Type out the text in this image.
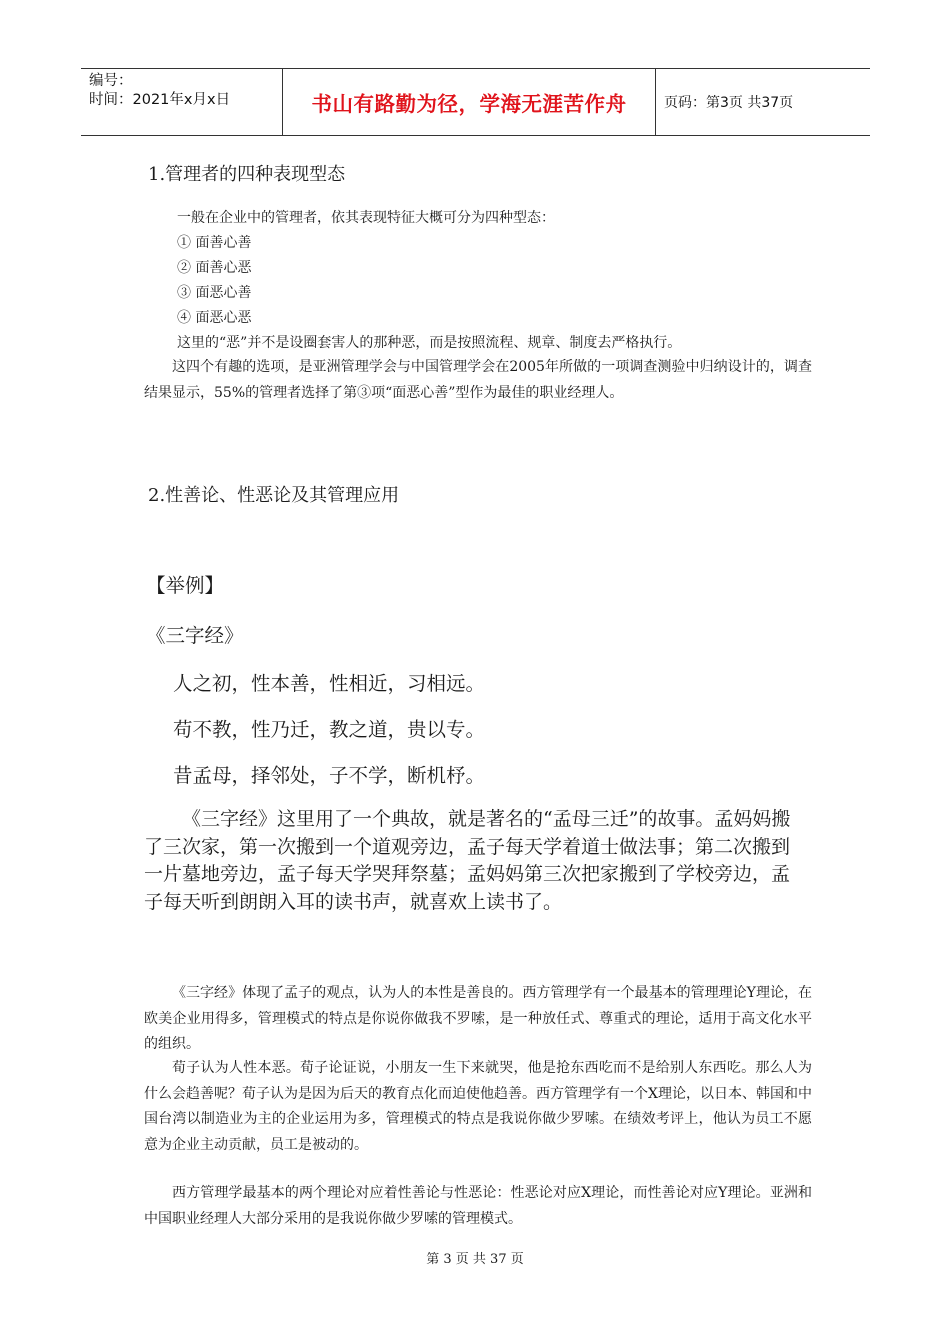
编号：
时间：2021年x月x日	书山有路勤为径，学海无涯苦作舟	页码：第3页 共37页

1.管理者的四种表现型态

一般在企业中的管理者，依其表现特征大概可分为四种型态：

① 面善心善

② 面善心恶

③ 面恶心善

④ 面恶心恶

这里的“恶”并不是设圈套害人的那种恶，而是按照流程、规章、制度去严格执行。

这四个有趣的选项，是亚洲管理学会与中国管理学会在2005年所做的一项调查测验中归纳设计的，调查结果显示，55%的管理者选择了第③项“面恶心善”型作为最佳的职业经理人。

2.性善论、性恶论及其管理应用

【举例】

《三字经》

人之初，性本善，性相近，习相远。

苟不教，性乃迁，教之道，贵以专。

昔孟母，择邻处，子不学，断机杼。

《三字经》这里用了一个典故，就是著名的“孟母三迁”的故事。孟妈妈搬了三次家，第一次搬到一个道观旁边，孟子每天学着道士做法事；第二次搬到一片墓地旁边，孟子每天学哭拜祭墓；孟妈妈第三次把家搬到了学校旁边，孟子每天听到朗朗入耳的读书声，就喜欢上读书了。

《三字经》体现了孟子的观点，认为人的本性是善良的。西方管理学有一个最基本的管理理论Y理论，在欧美企业用得多，管理模式的特点是你说你做我不罗嗦，是一种放任式、尊重式的理论，适用于高文化水平的组织。

荀子认为人性本恶。荀子论证说，小朋友一生下来就哭，他是抢东西吃而不是给别人东西吃。那么人为什么会趋善呢？荀子认为是因为后天的教育点化而迫使他趋善。西方管理学有一个X理论，以日本、韩国和中国台湾以制造业为主的企业运用为多，管理模式的特点是我说你做少罗嗦。在绩效考评上，他认为员工不愿意为企业主动贡献，员工是被动的。

西方管理学最基本的两个理论对应着性善论与性恶论：性恶论对应X理论，而性善论对应Y理论。亚洲和中国职业经理人大部分采用的是我说你做少罗嗦的管理模式。

第 3 页 共 37 页
